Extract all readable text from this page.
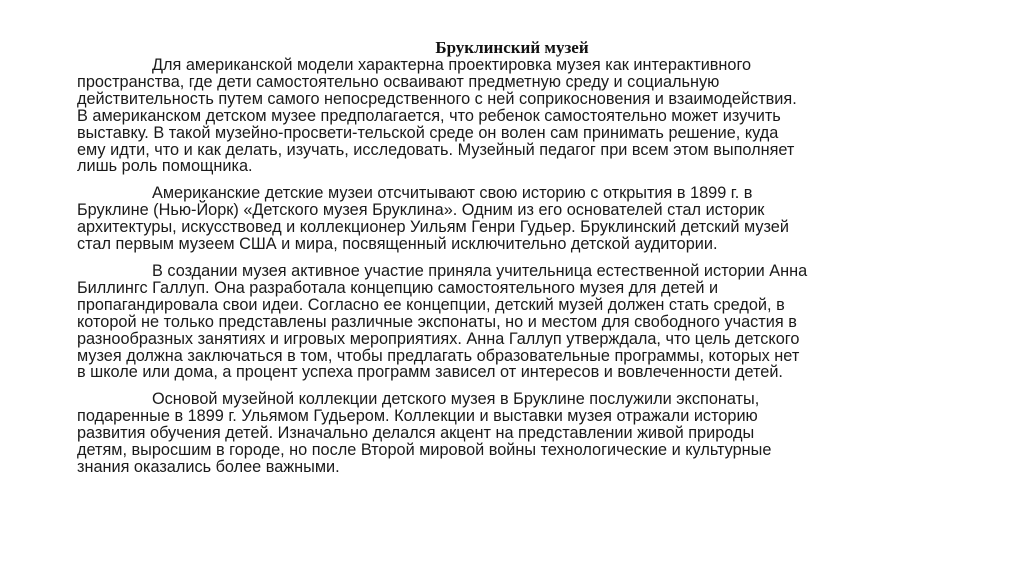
Бруклинский музей

Для американской модели характерна проектировка музея как интерактивного
пространства, где дети самостоятельно осваивают предметную среду и социальную
действительность путем самого непосредственного с ней соприкосновения и взаимодействия.
В американском детском музее предполагается, что ребенок самостоятельно может изучить
выставку. В такой музейно-просвети-тельской среде он волен сам принимать решение, куда
ему идти, что и как делать, изучать, исследовать. Музейный педагог при всем этом выполняет
лишь роль помощника.

Американские детские музеи отсчитывают свою историю с открытия в 1899 г. в
Бруклине (Нью-Йорк) «Детского музея Бруклина». Одним из его основателей стал историк
архитектуры, искусствовед и коллекционер Уильям Генри Гудьер. Бруклинский детский музей
стал первым музеем США и мира, посвященный исключительно детской аудитории.

В создании музея активное участие приняла учительница естественной истории Анна
Биллингс Галлуп. Она разработала концепцию самостоятельного музея для детей и
пропагандировала свои идеи. Согласно ее концепции, детский музей должен стать средой, в
которой не только представлены различные экспонаты, но и местом для свободного участия в
разнообразных занятиях и игровых мероприятиях. Анна Галлуп утверждала, что цель детского
музея должна заключаться в том, чтобы предлагать образовательные программы, которых нет
в школе или дома, а процент успеха программ зависел от интересов и вовлеченности детей.

Основой музейной коллекции детского музея в Бруклине послужили экспонаты,
подаренные в 1899 г. Ульямом Гудьером. Коллекции и выставки музея отражали историю
развития обучения детей. Изначально делался акцент на представлении живой природы
детям, выросшим в городе, но после Второй мировой войны технологические и культурные
знания оказались более важными.
